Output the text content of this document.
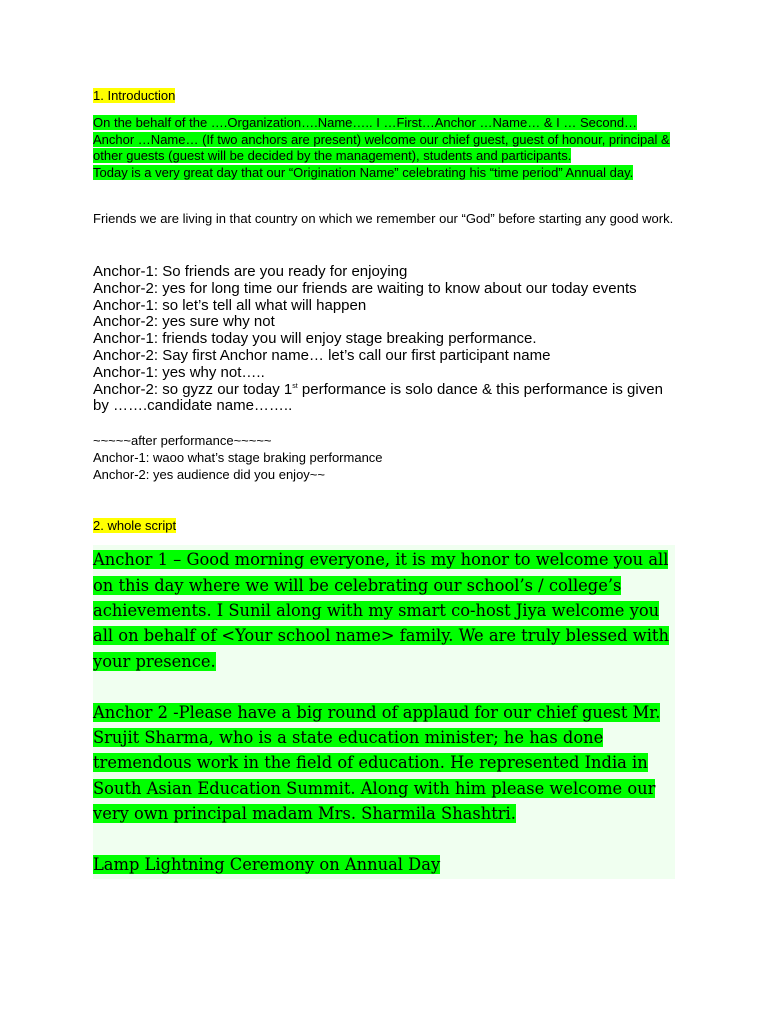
1. Introduction

On the behalf of the ….Organization….Name….. I …First…Anchor …Name… & I … Second…Anchor …Name… (If two anchors are present) welcome our chief guest, guest of honour, principal & other guests (guest will be decided by the management), students and participants.
Today is a very great day that our “Origination Name” celebrating his “time period” Annual day.

Friends we are living in that country on which we remember our “God” before starting any good work.

Anchor-1: So friends are you ready for enjoying
Anchor-2: yes for long time our friends are waiting to know about our today events
Anchor-1: so let’s tell all what will happen
Anchor-2: yes sure why not
Anchor-1: friends today you will enjoy stage breaking performance.
Anchor-2: Say first Anchor name… let’s call our first participant name
Anchor-1: yes why not…..
Anchor-2: so gyzz our today 1st performance is solo dance & this performance is given by …….candidate name……..
~~~~~after performance~~~~~
Anchor-1: waoo what’s stage braking performance
Anchor-2: yes audience did you enjoy~~

2. whole script

Anchor 1 – Good morning everyone, it is my honor to welcome you all on this day where we will be celebrating our school’s / college’s achievements. I Sunil along with my smart co-host Jiya welcome you all on behalf of <Your school name> family. We are truly blessed with your presence.

Anchor 2 -Please have a big round of applaud for our chief guest Mr. Srujit Sharma, who is a state education minister; he has done tremendous work in the field of education. He represented India in South Asian Education Summit. Along with him please welcome our very own principal madam Mrs. Sharmila Shashtri.

Lamp Lightning Ceremony on Annual Day
